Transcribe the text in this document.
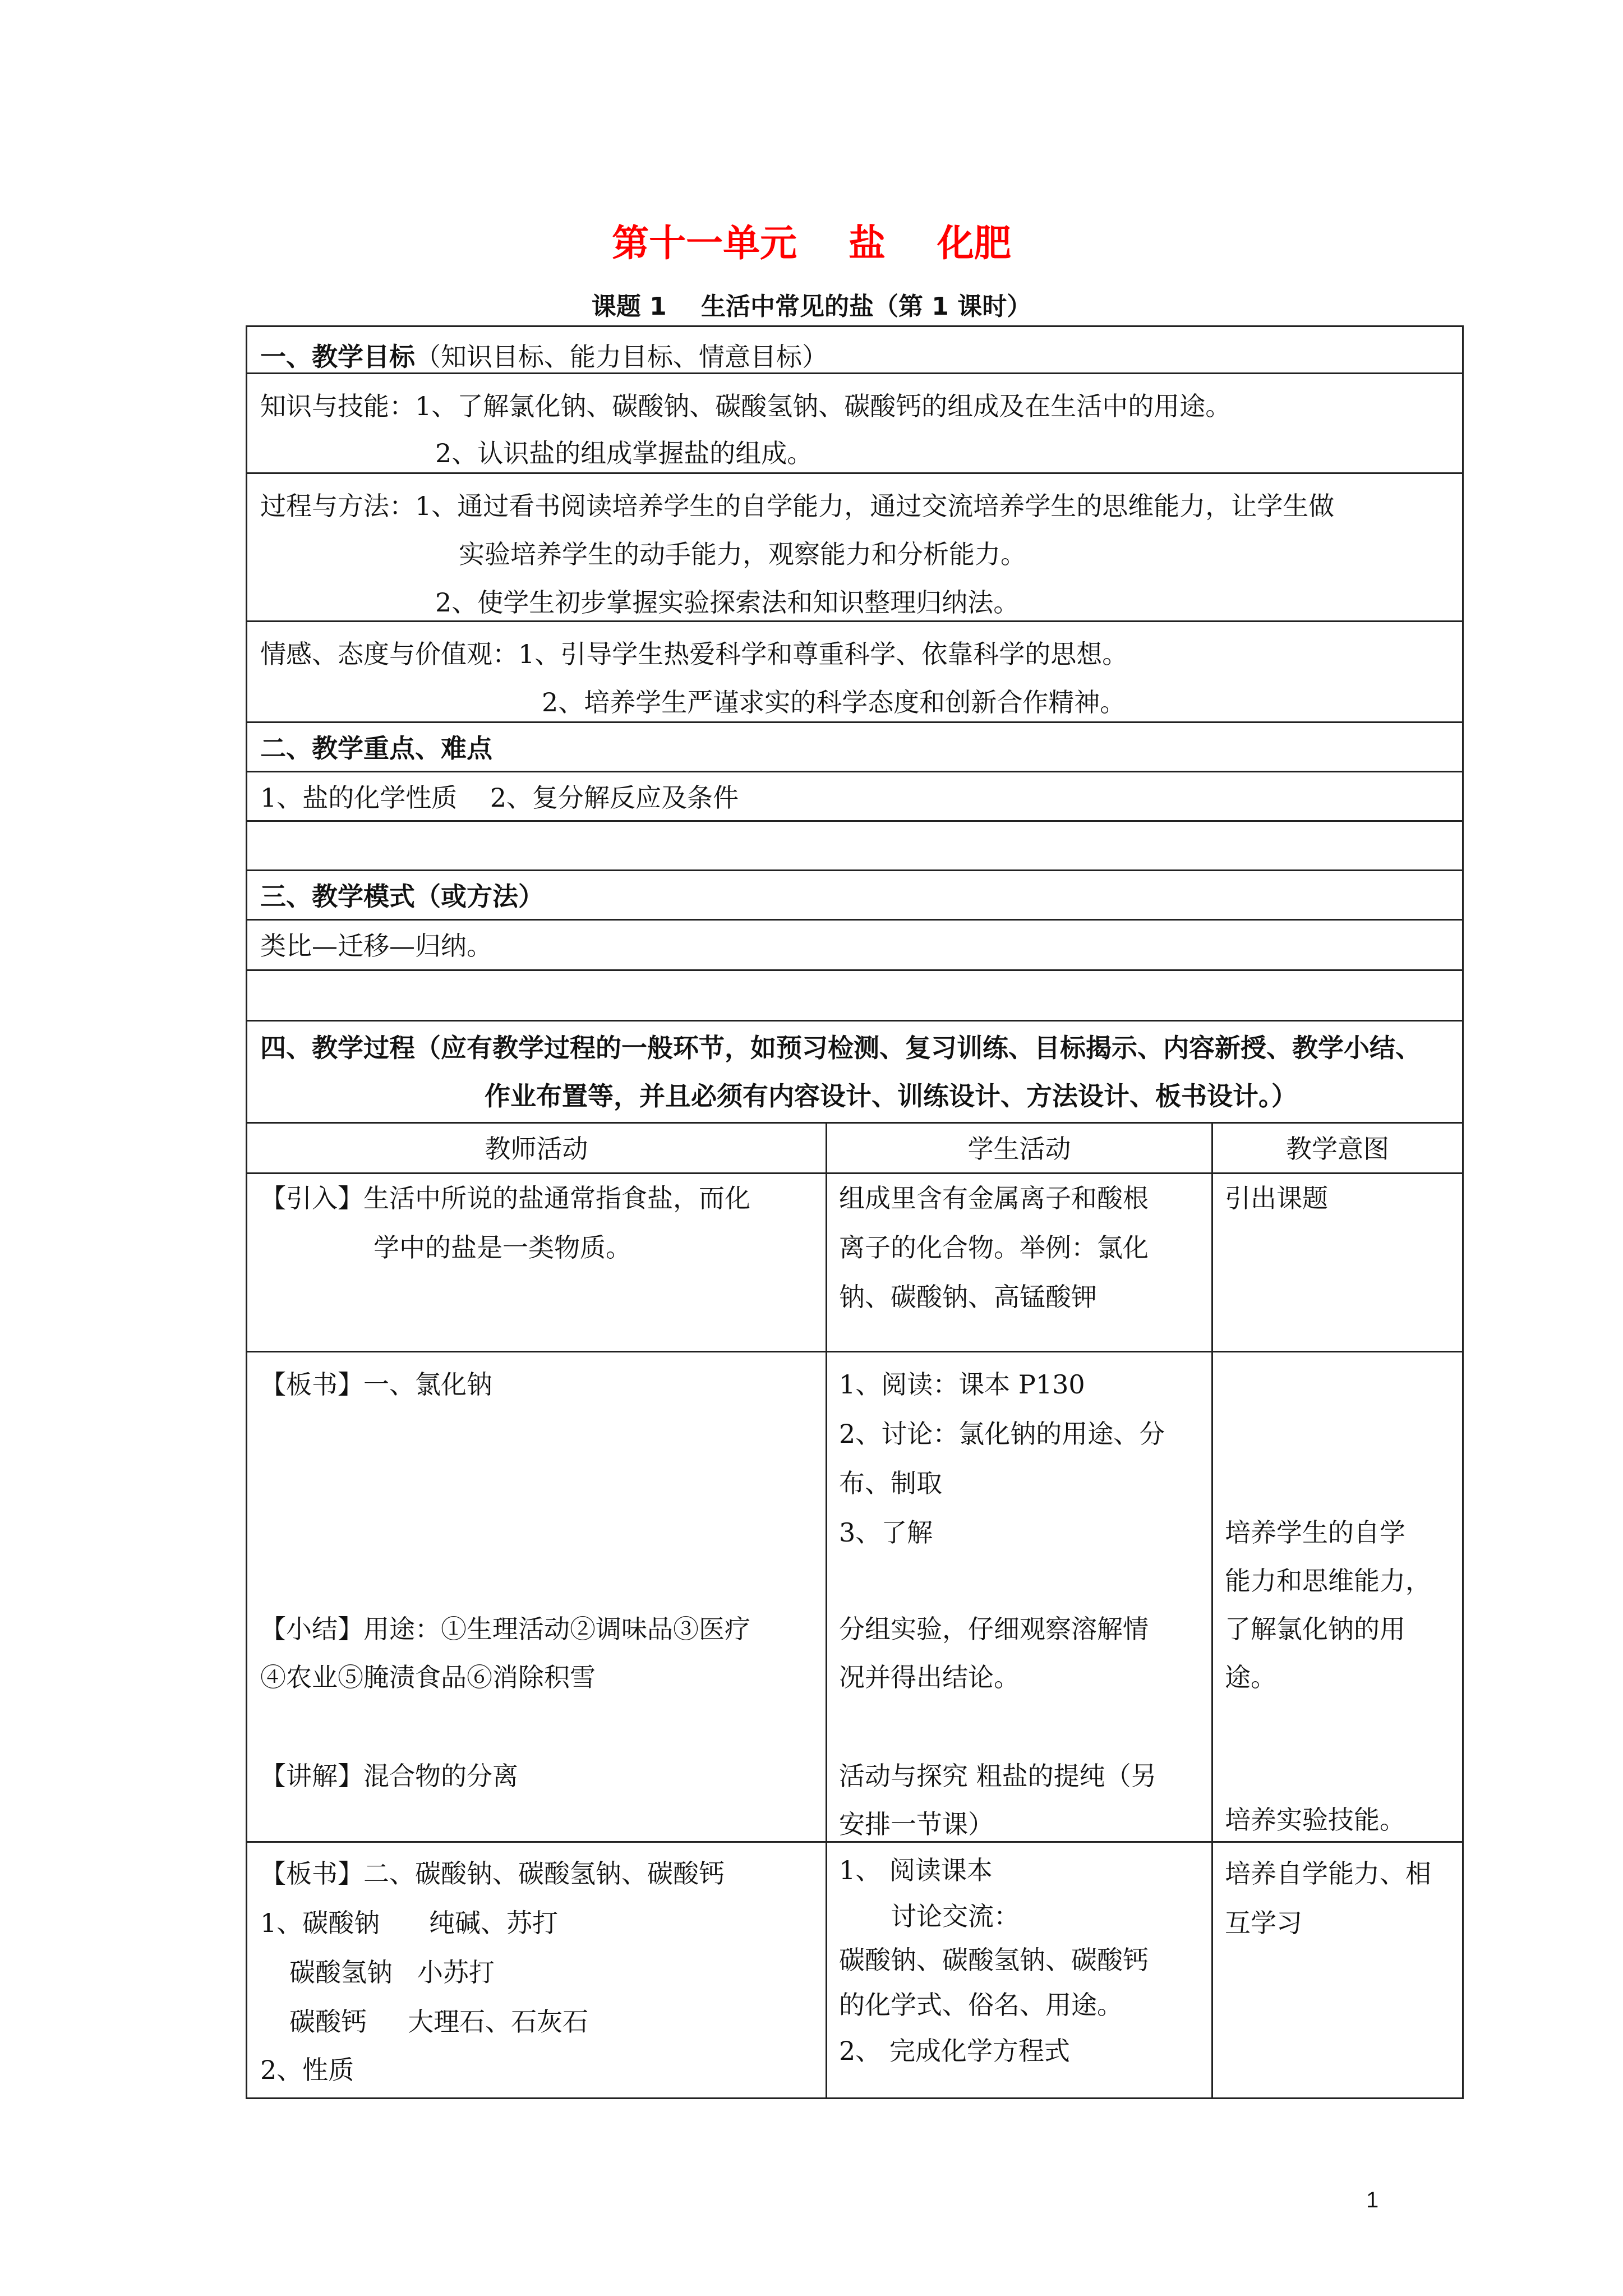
第十一单元    盐    化肥
课题 1    生活中常见的盐（第 1 课时）
一、教学目标（知识目标、能力目标、情意目标）
知识与技能：1、了解氯化钠、碳酸钠、碳酸氢钠、碳酸钙的组成及在生活中的用途。
2、认识盐的组成掌握盐的组成。
过程与方法：1、通过看书阅读培养学生的自学能力，通过交流培养学生的思维能力，让学生做
实验培养学生的动手能力，观察能力和分析能力。
2、使学生初步掌握实验探索法和知识整理归纳法。
情感、态度与价值观：1、引导学生热爱科学和尊重科学、依靠科学的思想。
2、培养学生严谨求实的科学态度和创新合作精神。
二、教学重点、难点
1、盐的化学性质    2、复分解反应及条件
三、教学模式（或方法）
类比—迁移—归纳。
四、教学过程（应有教学过程的一般环节，如预习检测、复习训练、目标揭示、内容新授、教学小结、
作业布置等，并且必须有内容设计、训练设计、方法设计、板书设计。）
教师活动	学生活动	教学意图
【引入】生活中所说的盐通常指食盐，而化
学中的盐是一类物质。
组成里含有金属离子和酸根
离子的化合物。举例：氯化
钠、碳酸钠、高锰酸钾
引出课题
【板书】一、氯化钠
【小结】用途：①生理活动②调味品③医疗
④农业⑤腌渍食品⑥消除积雪
【讲解】混合物的分离
1、阅读：课本 P130
2、讨论：氯化钠的用途、分
布、制取
3、了解
分组实验，仔细观察溶解情
况并得出结论。
活动与探究 粗盐的提纯（另
安排一节课）
培养学生的自学
能力和思维能力，
了解氯化钠的用
途。
培养实验技能。
【板书】二、碳酸钠、碳酸氢钠、碳酸钙
1、碳酸钠      纯碱、苏打
碳酸氢钠   小苏打
碳酸钙     大理石、石灰石
2、性质
1、 阅读课本
讨论交流：
碳酸钠、碳酸氢钠、碳酸钙
的化学式、俗名、用途。
2、 完成化学方程式
培养自学能力、相
互学习
1
